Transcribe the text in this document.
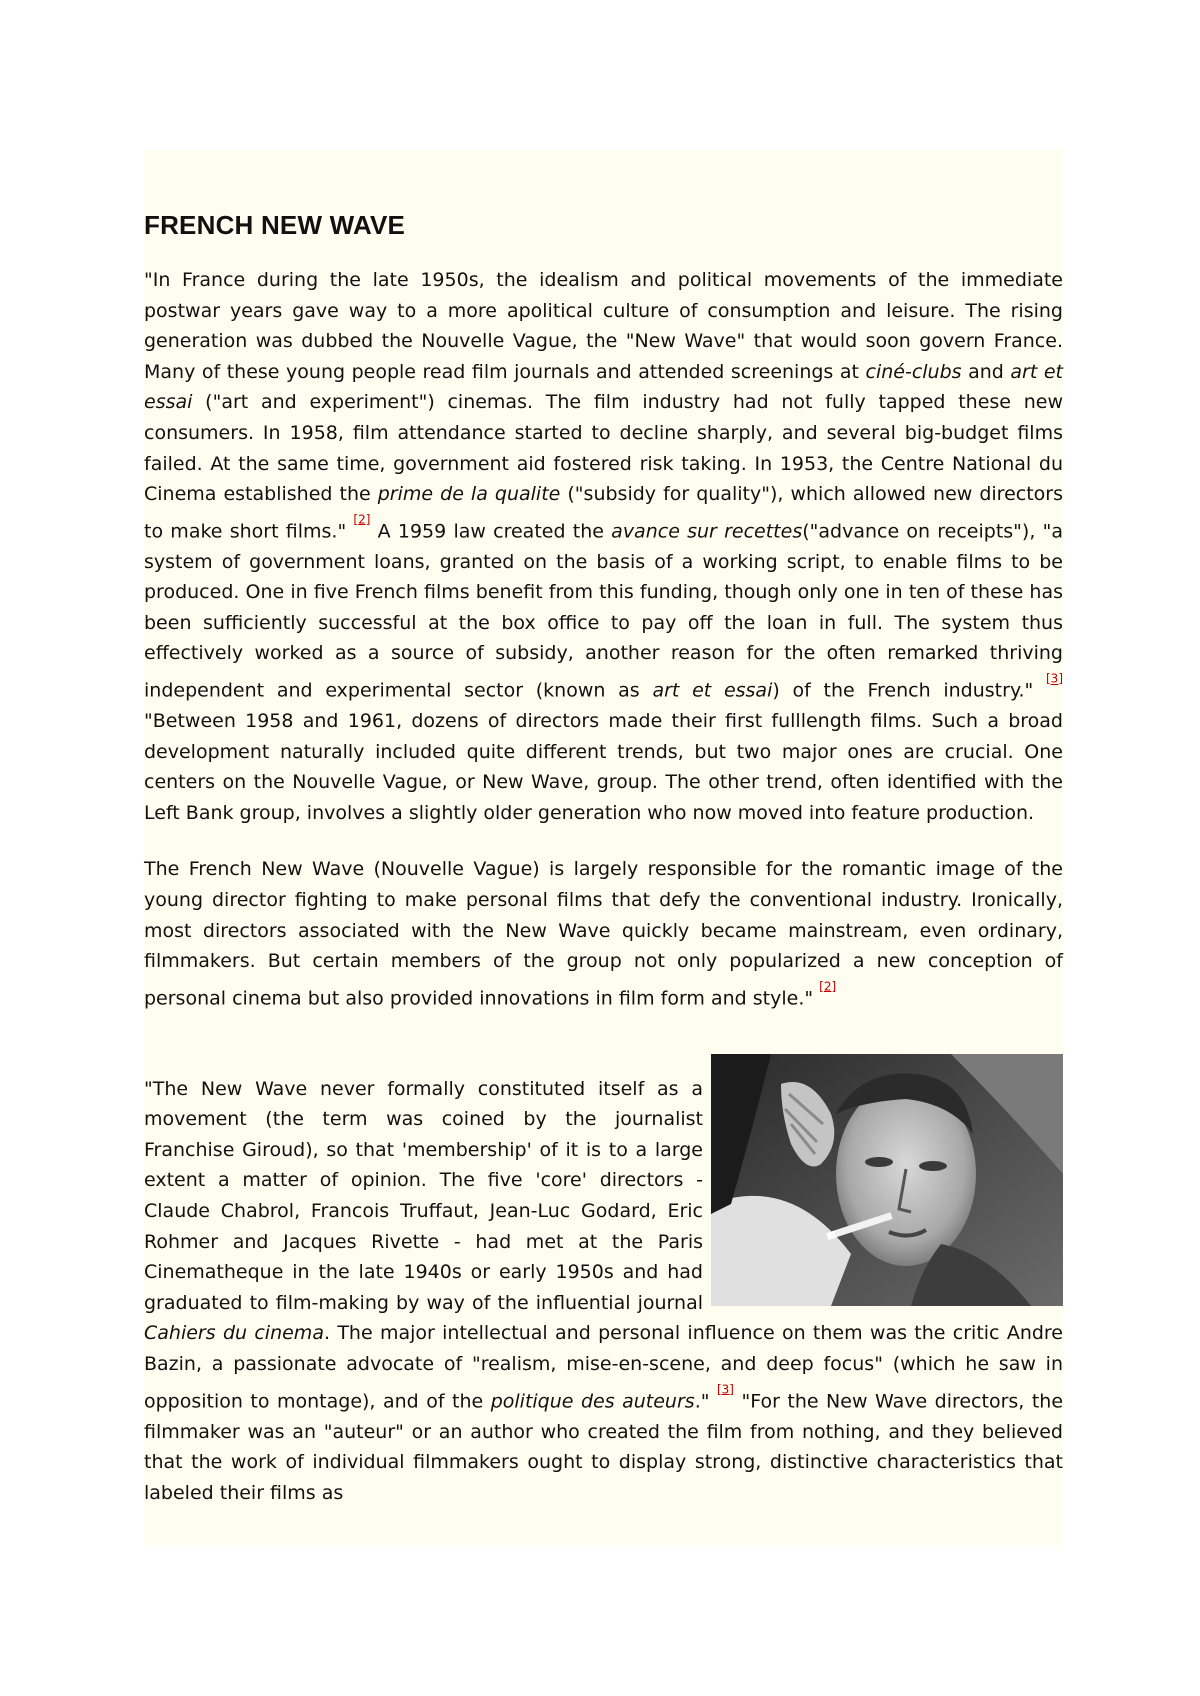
FRENCH NEW WAVE

"In France during the late 1950s, the idealism and political movements of the immediate postwar years gave way to a more apolitical culture of consumption and leisure. The rising generation was dubbed the Nouvelle Vague, the "New Wave" that would soon govern France. Many of these young people read film journals and attended screenings at ciné-clubs and art et essai ("art and experiment") cinemas. The film industry had not fully tapped these new consumers. In 1958, film attendance started to decline sharply, and several big-budget films failed. At the same time, government aid fostered risk taking. In 1953, the Centre National du Cinema established the prime de la qualite ("subsidy for quality"), which allowed new directors to make short films." [2] A 1959 law created the avance sur recettes("advance on receipts"), "a system of government loans, granted on the basis of a working script, to enable films to be produced. One in five French films benefit from this funding, though only one in ten of these has been sufficiently successful at the box office to pay off the loan in full. The system thus effectively worked as a source of subsidy, another reason for the often remarked thriving independent and experimental sector (known as art et essai) of the French industry." [3] "Between 1958 and 1961, dozens of directors made their first fulllength films. Such a broad development naturally included quite different trends, but two major ones are crucial. One centers on the Nouvelle Vague, or New Wave, group. The other trend, often identified with the Left Bank group, involves a slightly older generation who now moved into feature production.

The French New Wave (Nouvelle Vague) is largely responsible for the romantic image of the young director fighting to make personal films that defy the conventional industry. Ironically, most directors associated with the New Wave quickly became mainstream, even ordinary, filmmakers. But certain members of the group not only popularized a new conception of personal cinema but also provided innovations in film form and style." [2]

"The New Wave never formally constituted itself as a movement (the term was coined by the journalist Franchise Giroud), so that 'membership' of it is to a large extent a matter of opinion. The five 'core' directors - Claude Chabrol, Francois Truffaut, Jean-Luc Godard, Eric Rohmer and Jacques Rivette - had met at the Paris Cinematheque in the late 1940s or early 1950s and had graduated to film-making by way of the influential journal Cahiers du cinema. The major intellectual and personal influence on them was the critic Andre Bazin, a passionate advocate of "realism, mise-en-scene, and deep focus" (which he saw in opposition to montage), and of the politique des auteurs." [3] "For the New Wave directors, the filmmaker was an "auteur" or an author who created the film from nothing, and they believed that the work of individual filmmakers ought to display strong, distinctive characteristics that labeled their films as
